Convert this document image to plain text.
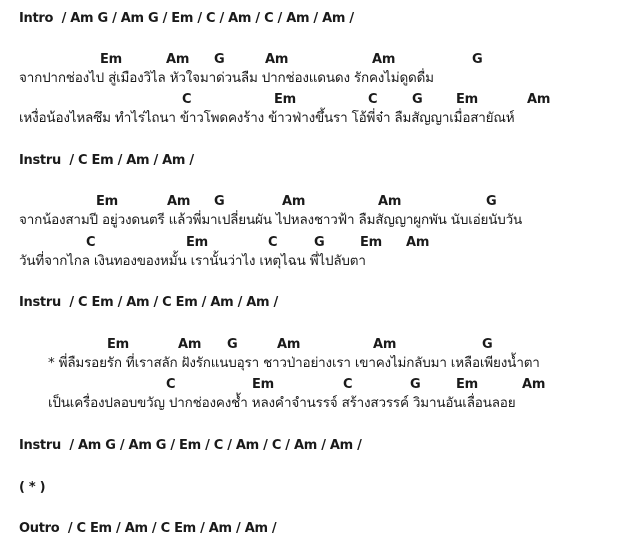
Intro / Am G / Am G / Em / C / Am / C / Am / Am /
Em	Am G	Am	Am	G
จากปากช่องไป สู่เมืองวิไล หัวใจมาด่วนลืม ปากช่องแดนดง รักคงไม่ดูดดื่ม
C	Em	C	G	Em	Am
เหงื่อน้องไหลซึม ทำไร่ไถนา ข้าวโพดคงร้าง ข้าวฟ่างขึ้นรา โอ้พี่จ๋า ลืมสัญญาเมื่อสายัณห์
Instru / C Em / Am / Am /
Em	Am G	Am	Am	G
จากน้องสามปี อยู่วงดนตรี แล้วพี่มาเปลี่ยนผัน ไปหลงชาวฟ้า ลืมสัญญาผูกพัน นับเอ่ยนับวัน
C	Em	C	G	Em Am
วันที่จากไกล เงินทองของหมั้น เรานั้นว่าไง เหตุไฉน พี่ไปลับตา
Instru / C Em / Am / C Em / Am / Am /
Em	Am G	Am	Am	G
* พี่ลืมรอยรัก ที่เราสลัก ฝังรักแนบอุรา ชาวป่าอย่างเรา เขาคงไม่กลับมา เหลือเพียงน้ำตา
C	Em	C	G	Em	Am
เป็นเครื่องปลอบขวัญ ปากช่องคงช้ำ หลงคำจำนรรจ์ สร้างสวรรค์ วิมานอันเลื่อนลอย
Instru / Am G / Am G / Em / C / Am / C / Am / Am /
( * )
Outro / C Em / Am / C Em / Am / Am /
